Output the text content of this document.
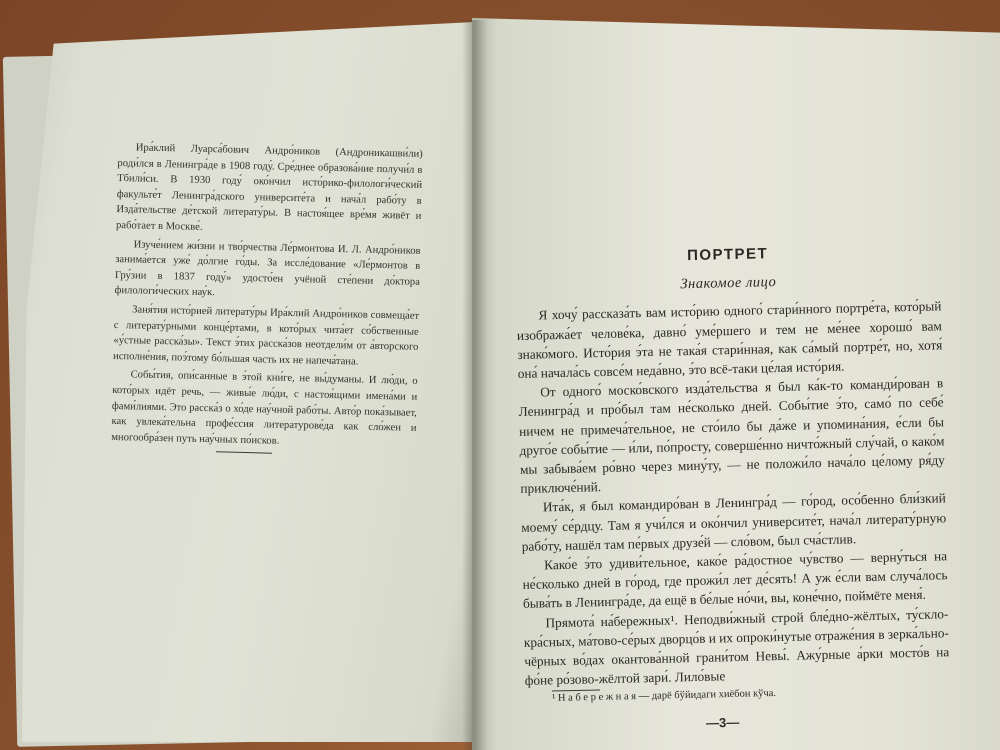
Ира́клий Луарса́бович Андро́ников (Андроникашви́ли) роди́лся в Ленингра́де в 1908 году́. Сре́днее образова́ние получи́л в Тбили́си. В 1930 году́ око́нчил исто́рико-филологи́ческий факульте́т Ленингра́дского университе́та и нача́л рабо́ту в Изда́тельстве де́тской литерату́ры. В настоя́щее вре́мя живёт и рабо́тает в Москве́.

Изуче́нием жи́зни и тво́рчества Ле́рмонтова И. Л. Андро́ников занима́ется уже́ до́лгие го́ды. За иссле́дование «Ле́рмонтов в Гру́зии в 1837 году́» удосто́ен учёной сте́пени до́ктора филологи́ческих нау́к.

Заня́тия исто́рией литерату́ры Ира́клий Андро́ников совмеща́ет с литерату́рными конце́ртами, в кото́рых чита́ет со́бственные «у́стные расска́зы». Текст э́тих расска́зов неотдели́м от а́вторского исполне́ния, поэ́тому бо́льшая часть их не напеча́тана.

Собы́тия, опи́санные в э́той кни́ге, не вы́думаны. И лю́ди, о кото́рых идёт речь, — живы́е лю́ди, с настоя́щими имена́ми и фами́лиями. Это расска́з о хо́де нау́чной рабо́ты. Авто́р пока́зывает, как увлека́тельна профе́ссия литературове́да как сло́жен и многообра́зен путь нау́чных по́исков.

ПОРТРЕТ
Знакомое лицо

Я хочу́ рассказа́ть вам исто́рию одного́ стари́нного портре́та, кото́рый изобража́ет челове́ка, давно́ уме́ршего и тем не ме́нее хорошо́ вам знако́мого. Исто́рия э́та не така́я стари́нная, как са́мый портре́т, но, хотя́ она́ начала́сь совсе́м неда́вно, э́то всё-таки це́лая исто́рия.

От одного́ моско́вского изда́тельства я был ка́к-то команди́рован в Ленингра́д и про́был там не́сколько дней. Собы́тие э́то, само́ по себе́ ничем не примеча́тельное, не сто́ило бы да́же и упомина́ния, е́сли бы друго́е собы́тие — и́ли, по́просту, соверше́нно ничто́жный слу́чай, о како́м мы забыва́ем ро́вно через мину́ту, — не положи́ло нача́ло це́лому ря́ду приключе́ний.

Ита́к, я был командиро́ван в Ленингра́д — го́род, осо́бенно бли́зкий моему́ се́рдцу. Там я учи́лся и око́нчил университе́т, нача́л литерату́рную рабо́ту, нашёл там пе́рвых друзе́й — сло́вом, был сча́стлив.

Како́е э́то удиви́тельное, како́е ра́достное чу́вство — верну́ться на не́сколько дней в го́род, где прожи́л лет де́сять! А уж е́сли вам случа́лось быва́ть в Ленингра́де, да ещё в бе́лые но́чи, вы, коне́чно, поймёте меня́.

Прямота́ на́бережных¹. Неподви́жный строй бле́дно-жёлтых, ту́скло-кра́сных, ма́тово-се́рых дворцо́в и их опроки́нутые отраже́ния в зерка́льно-чёрных во́дах окантова́нной грани́том Невы́. Ажу́рные а́рки мосто́в на фо́не ро́зово-жёлтой зари́. Лило́вые

¹ Н а б е р е ж н а я — дарё бўйидаги хиёбон кўча.
—3—
